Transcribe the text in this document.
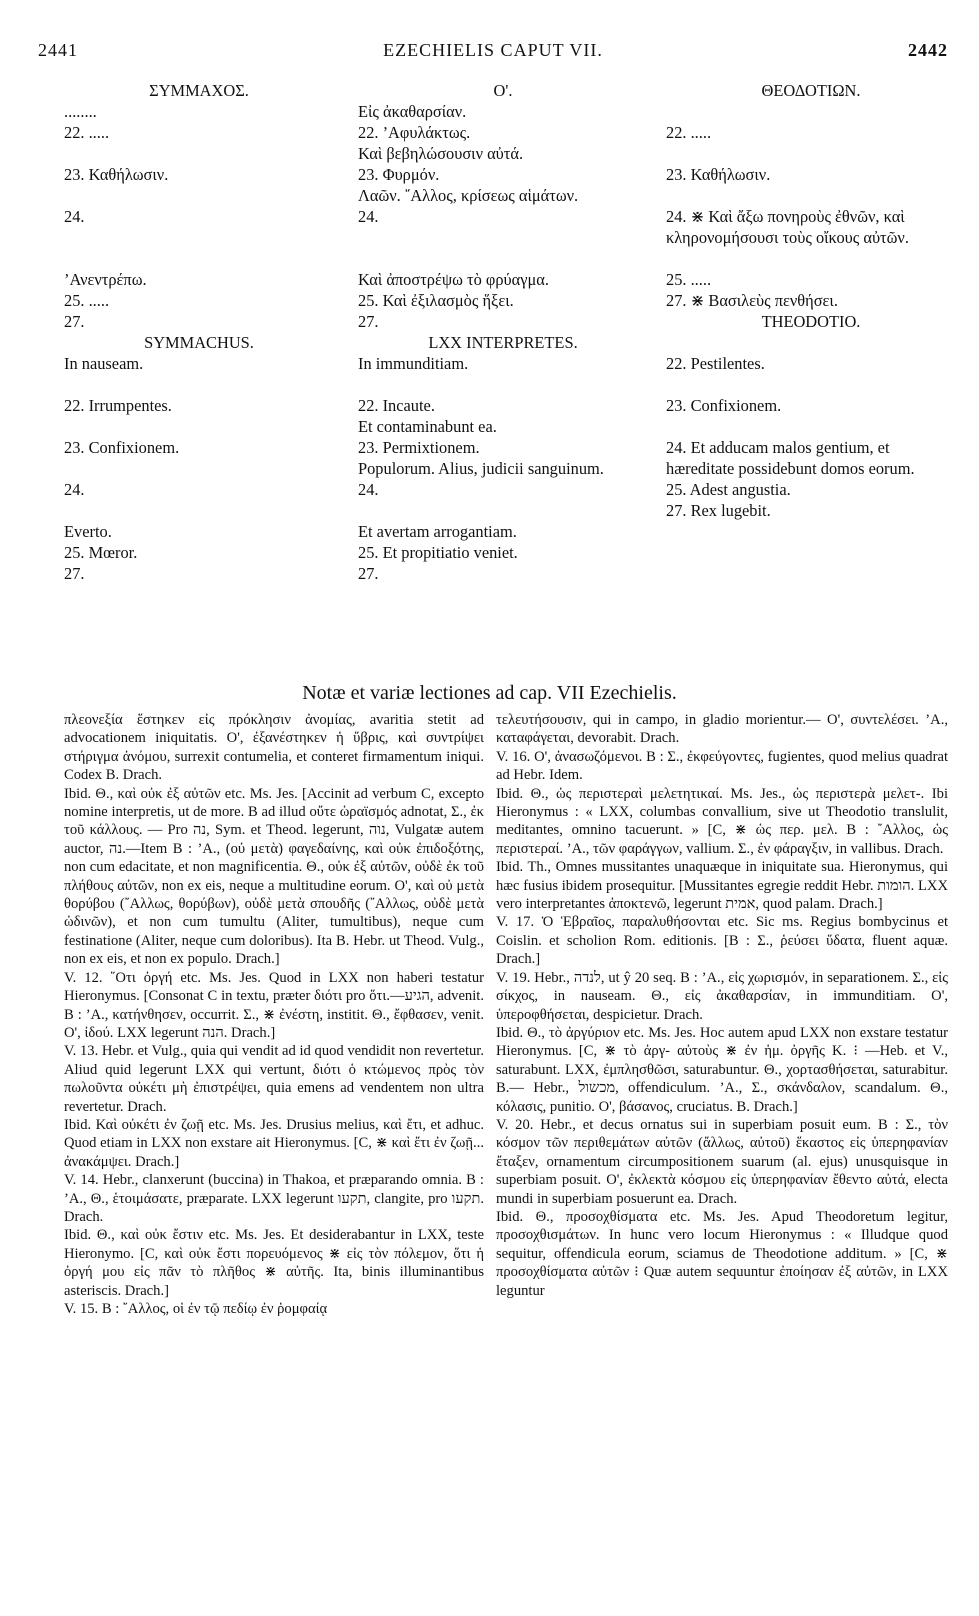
2441	EZECHIELIS CAPUT VII.	2442
ΣΥΜΜΑΧΟΣ.
........
22. .....

23. Καθήλωσιν.

24.

’Ανεντρέπω.
25. .....
27.
SYMMACHUS.
In nauseam.

22. Irrumpentes.

23. Confixionem.

24.

Everto.
25. Mœror.
27.
Ο'.
Εἰς ἀκαθαρσίαν.
22. ’Αφυλάκτως.
Καὶ βεβηλώσουσιν αὐτά.
23. Φυρμόν.
Λαῶν. ῎Αλλος, κρίσεως αἱμάτων.
24.

Καὶ ἀποστρέψω τὸ φρύαγμα.
25. Καὶ ἐξιλασμὸς ἥξει.
27.
LXX INTERPRETES.
In immunditiam.

22. Incaute.
Et contaminabunt ea.
23. Permixtionem.
Populorum. Alius, judicii sanguinum.
24.

Et avertam arrogantiam.
25. Et propitiatio veniet.
27.
ΘΕΟΔΟΤΙΩΝ.

22. .....

23. Καθήλωσιν.

24. ⋇ Καὶ ἄξω πονηροὺς ἐθνῶν, καὶ κληρονομήσουσι τοὺς οἴκους αὐτῶν.

25. .....
27. ⋇ Βασιλεὺς πενθήσει.
THEODOTIO.

22. Pestilentes.

23. Confixionem.

24. Et adducam malos gentium, et hæreditate possidebunt domos eorum.
25. Adest angustia.
27. Rex lugebit.
Notæ et variæ lectiones ad cap. VII Ezechielis.

πλεονεξία ἕστηκεν εἰς πρόκλησιν ἀνομίας, avaritia stetit ad advocationem iniquitatis. Ο', ἐξανέστηκεν ἡ ὕβρις, καὶ συντρίψει στήριγμα ἀνόμου, surrexit contumelia, et conteret firmamentum iniqui. Codex B. Drach.

Ibid. Θ., καὶ οὐκ ἐξ αὐτῶν etc. Ms. Jes. [Accinit ad verbum C, excepto nomine interpretis, ut de more. B ad illud οὔτε ὡραϊσμός adnotat, Σ., ἐκ τοῦ κάλλους. — Pro נה, Sym. et Theod. legerunt, נוה, Vulgatæ autem auctor, נה.—Item B : ’Α., (οὐ μετὰ) φαγεδαίνης, καὶ οὐκ ἐπιδοξότης, non cum edacitate, et non magnificentia. Θ., οὐκ ἐξ αὐτῶν, οὐδὲ ἐκ τοῦ πλήθους αὐτῶν, non ex eis, neque a multitudine eorum. Ο', καὶ οὐ μετὰ θορύβου (῎Αλλως, θορύβων), οὐδὲ μετὰ σπουδῆς (῎Αλλως, οὐδὲ μετὰ ὠδινῶν), et non cum tumultu (Aliter, tumultibus), neque cum festinatione (Aliter, neque cum doloribus). Ita B. Hebr. ut Theod. Vulg., non ex eis, et non ex populo. Drach.]

V. 12. ῞Οτι ὀργή etc. Ms. Jes. Quod in LXX non haberi testatur Hieronymus. [Consonat C in textu, præter διότι pro ὅτι.—הגיע, advenit. B : ’Α., κατήνθησεν, occurrit. Σ., ⋇ ἐνέστη, institit. Θ., ἔφθασεν, venit. Ο', ἰδού. LXX legerunt הנה. Drach.]

V. 13. Hebr. et Vulg., quia qui vendit ad id quod vendidit non revertetur. Aliud quid legerunt LXX qui vertunt, διότι ὁ κτώμενος πρὸς τὸν πωλοῦντα οὐκέτι μὴ ἐπιστρέψει, quia emens ad vendentem non ultra revertetur. Drach.

Ibid. Καὶ οὐκέτι ἐν ζωῇ etc. Ms. Jes. Drusius melius, καὶ ἔτι, et adhuc. Quod etiam in LXX non exstare ait Hieronymus. [C, ⋇ καὶ ἔτι ἐν ζωῇ... ἀνακάμψει. Drach.]

V. 14. Hebr., clanxerunt (buccina) in Thakoa, et præparando omnia. B : ’Α., Θ., ἑτοιμάσατε, præparate. LXX legerunt תקעו, clangite, pro תקעו. Drach.

Ibid. Θ., καὶ οὐκ ἔστιν etc. Ms. Jes. Et desiderabantur in LXX, teste Hieronymo. [C, καὶ οὐκ ἔστι πορευόμενος ⋇ εἰς τὸν πόλεμον, ὅτι ἡ ὀργή μου εἰς πᾶν τὸ πλῆθος ⋇ αὐτῆς. Ita, binis illuminantibus asteriscis. Drach.]

V. 15. B : ῎Αλλος, οἱ ἐν τῷ πεδίῳ ἐν ῥομφαίᾳ

τελευτήσουσιν, qui in campo, in gladio morientur.— Ο', συντελέσει. ’Α., καταφάγεται, devorabit. Drach.

V. 16. Ο', ἀνασωζόμενοι. B : Σ., ἐκφεύγοντες, fugientes, quod melius quadrat ad Hebr. Idem.

Ibid. Θ., ὡς περιστεραὶ μελετητικαί. Ms. Jes., ὡς περιστερὰ μελετ-. Ibi Hieronymus : « LXX, columbas convallium, sive ut Theodotio translulit, meditantes, omnino tacuerunt. » [C, ⋇ ὡς περ. μελ. B : ῎Αλλος, ὡς περιστεραί. ’Α., τῶν φαράγγων, vallium. Σ., ἐν φάραγξιν, in vallibus. Drach.

Ibid. Th., Omnes mussitantes unaquæque in iniquitate sua. Hieronymus, qui hæc fusius ibidem prosequitur. [Mussitantes egregie reddit Hebr. הומות. LXX vero interpretantes ἀποκτενῶ, legerunt אמית, quod palam. Drach.]

V. 17. Ὁ Ἑβραῖος, παραλυθήσονται etc. Sic ms. Regius bombycinus et Coislin. et scholion Rom. editionis. [B : Σ., ῥεύσει ὕδατα, fluent aquæ. Drach.]

V. 19. Hebr., לנדה, ut ŷ 20 seq. B : ’Α., εἰς χωρισμόν, in separationem. Σ., εἰς σίκχος, in nauseam. Θ., εἰς ἀκαθαρσίαν, in immunditiam. Ο', ὑπεροφθήσεται, despicietur. Drach.

Ibid. Θ., τὸ ἀργύριον etc. Ms. Jes. Hoc autem apud LXX non exstare testatur Hieronymus. [C, ⋇ τὸ ἀργ- αὐτοὺς ⋇ ἐν ἡμ. ὀργῆς K. ⁝ —Heb. et V., saturabunt. LXX, ἐμπλησθῶσι, saturabuntur. Θ., χορτασθήσεται, saturabitur. B.— Hebr., מכשול, offendiculum. ’Α., Σ., σκάνδαλον, scandalum. Θ., κόλασις, punitio. Ο', βάσανος, cruciatus. B. Drach.]

V. 20. Hebr., et decus ornatus sui in superbiam posuit eum. B : Σ., τὸν κόσμον τῶν περιθεμάτων αὐτῶν (ἄλλως, αὐτοῦ) ἕκαστος εἰς ὑπερηφανίαν ἔταξεν, ornamentum circumpositionem suarum (al. ejus) unusquisque in superbiam posuit. Ο', ἐκλεκτὰ κόσμου εἰς ὑπερηφανίαν ἔθεντο αὐτά, electa mundi in superbiam posuerunt ea. Drach.

Ibid. Θ., προσοχθίσματα etc. Ms. Jes. Apud Theodoretum legitur, προσοχθισμάτων. In hunc vero locum Hieronymus : « Illudque quod sequitur, offendicula eorum, sciamus de Theodotione additum. » [C, ⋇ προσοχθίσματα αὐτῶν ⁝ Quæ autem sequuntur ἐποίησαν ἐξ αὐτῶν, in LXX leguntur
